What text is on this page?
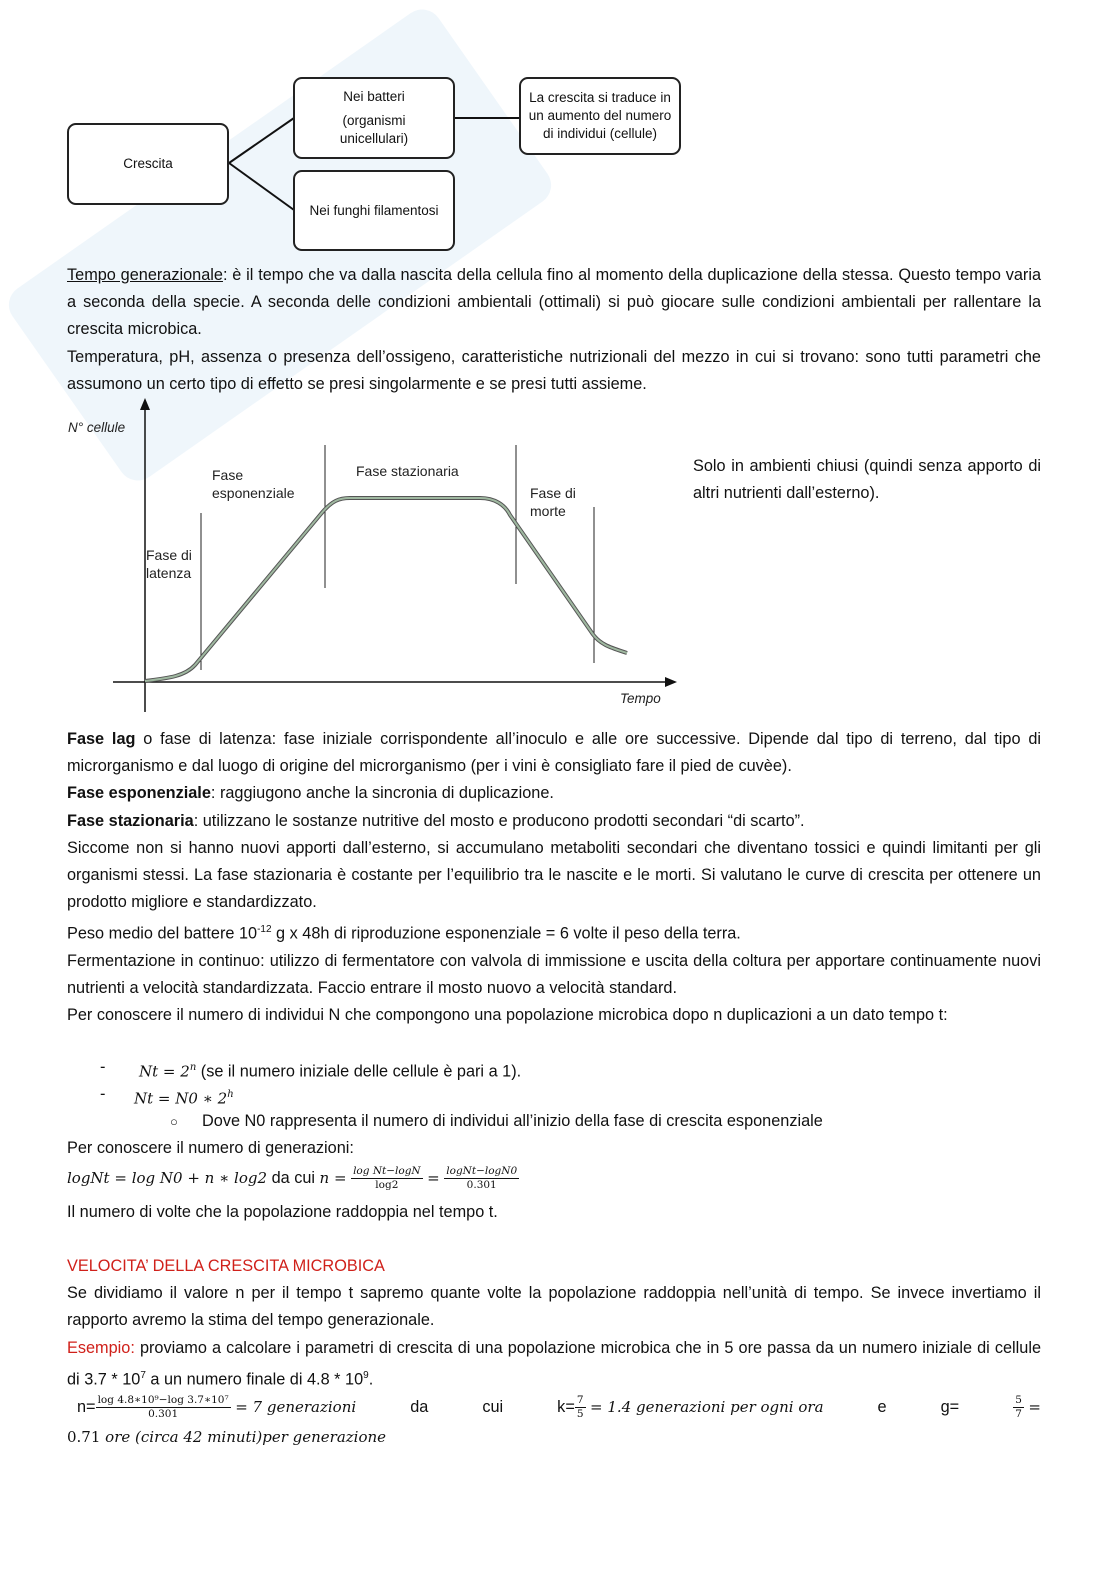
Crescita
Nei batteri
(organismi unicellulari)
Nei funghi filamentosi
La crescita si traduce in un aumento del numero di individui (cellule)

Tempo generazionale: è il tempo che va dalla nascita della cellula fino al momento della duplicazione della stessa. Questo tempo varia a seconda della specie. A seconda delle condizioni ambientali (ottimali) si può giocare sulle condizioni ambientali per rallentare la crescita microbica.

Temperatura, pH, assenza o presenza dell’ossigeno, caratteristiche nutrizionali del mezzo in cui si trovano: sono tutti parametri che assumono un certo tipo di effetto se presi singolarmente e se presi tutti assieme.

N° cellule
Tempo
Fase di latenza
Fase
esponenziale
Fase stazionaria
Fase di
morte
Solo in ambienti chiusi (quindi senza apporto di altri nutrienti dall’esterno).

Fase lag o fase di latenza: fase iniziale corrispondente all’inoculo e alle ore successive. Dipende dal tipo di terreno, dal tipo di microrganismo e dal luogo di origine del microrganismo (per i vini è consigliato fare il pied de cuvèe).

Fase esponenziale: raggiugono anche la sincronia di duplicazione.

Fase stazionaria: utilizzano le sostanze nutritive del mosto e producono prodotti secondari “di scarto”.

Siccome non si hanno nuovi apporti dall’esterno, si accumulano metaboliti secondari che diventano tossici e quindi limitanti per gli organismi stessi. La fase stazionaria è costante per l’equilibrio tra le nascite e le morti. Si valutano le curve di crescita per ottenere un prodotto migliore e standardizzato.

Peso medio del battere $10^{-12}$ g x 48h di riproduzione esponenziale = 6 volte il peso della terra.

Fermentazione in continuo: utilizzo di fermentatore con valvola di immissione e uscita della coltura per apportare continuamente nuovi nutrienti a velocità standardizzata. Faccio entrare il mosto nuovo a velocità standard.

Per conoscere il numero di individui N che compongono una popolazione microbica dopo n duplicazioni a un dato tempo t:

- $Nt = 2^n$ (se il numero iniziale delle cellule è pari a 1).
- Nt = N0 ∗ 2$^h$
○ Dove N0 rappresenta il numero di individui all’inizio della fase di crescita esponenziale
Per conoscere il numero di generazioni:
logNt = log N0 + n ∗ log2 da cui $n = \frac{\text{log Nt−logN}}{\log 2} = \frac{\text{logNt−logN0}}{0.301}$
Il numero di volte che la popolazione raddoppia nel tempo t.

VELOCITA’ DELLA CRESCITA MICROBICA

Se dividiamo il valore n per il tempo t sapremo quante volte la popolazione raddoppia nell’unità di tempo. Se invece invertiamo il rapporto avremo la stima del tempo generazionale.

Esempio: proviamo a calcolare i parametri di crescita di una popolazione microbica che in 5 ore passa da un numero iniziale di cellule di $3.7 * 10^7$ a un numero finale di $4.8 * 10^9$.

$n= \frac{\text{log 4.8∗10⁹−log 3.7∗10⁷}}{0.301} = 7$ generazioni	da	cui	$k= \frac{7}{5} = 1.4$ generazioni per ogni ora	e	g=	$\frac{5}{7}$ =
0.71 ore (circa 42 minuti)per generazione
